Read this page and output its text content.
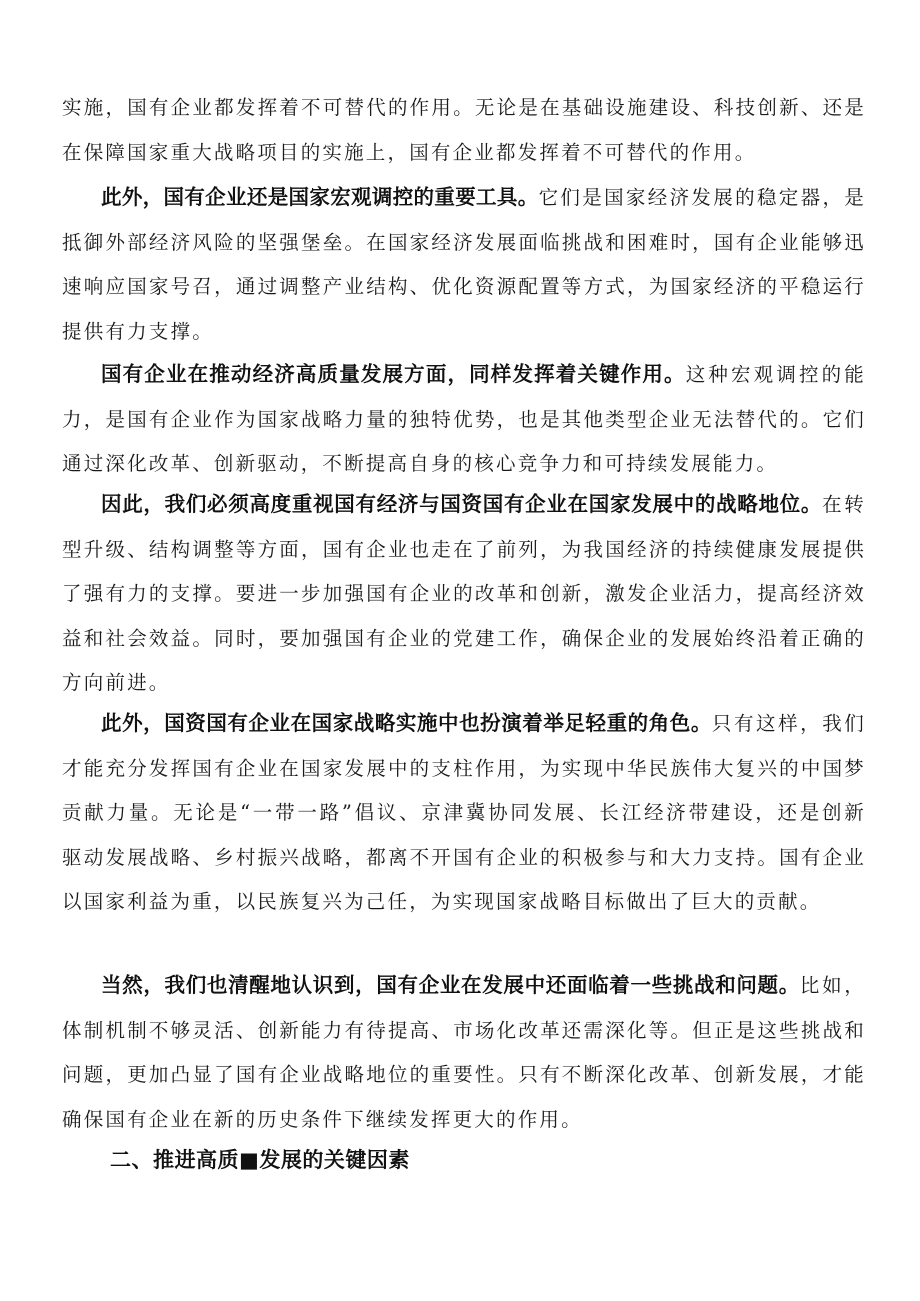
实施，国有企业都发挥着不可替代的作用。无论是在基础设施建设、科技创新、还是在保障国家重大战略项目的实施上，国有企业都发挥着不可替代的作用。

此外，国有企业还是国家宏观调控的重要工具。它们是国家经济发展的稳定器，是抵御外部经济风险的坚强堡垒。在国家经济发展面临挑战和困难时，国有企业能够迅速响应国家号召，通过调整产业结构、优化资源配置等方式，为国家经济的平稳运行提供有力支撑。

国有企业在推动经济高质量发展方面，同样发挥着关键作用。这种宏观调控的能力，是国有企业作为国家战略力量的独特优势，也是其他类型企业无法替代的。它们通过深化改革、创新驱动，不断提高自身的核心竞争力和可持续发展能力。

因此，我们必须高度重视国有经济与国资国有企业在国家发展中的战略地位。在转型升级、结构调整等方面，国有企业也走在了前列，为我国经济的持续健康发展提供了强有力的支撑。要进一步加强国有企业的改革和创新，激发企业活力，提高经济效益和社会效益。同时，要加强国有企业的党建工作，确保企业的发展始终沿着正确的方向前进。

此外，国资国有企业在国家战略实施中也扮演着举足轻重的角色。只有这样，我们才能充分发挥国有企业在国家发展中的支柱作用，为实现中华民族伟大复兴的中国梦贡献力量。无论是“一带一路”倡议、京津冀协同发展、长江经济带建设，还是创新驱动发展战略、乡村振兴战略，都离不开国有企业的积极参与和大力支持。国有企业以国家利益为重，以民族复兴为己任，为实现国家战略目标做出了巨大的贡献。

当然，我们也清醒地认识到，国有企业在发展中还面临着一些挑战和问题。比如，体制机制不够灵活、创新能力有待提高、市场化改革还需深化等。但正是这些挑战和问题，更加凸显了国有企业战略地位的重要性。只有不断深化改革、创新发展，才能确保国有企业在新的历史条件下继续发挥更大的作用。

二、推进高质■发展的关键因素
